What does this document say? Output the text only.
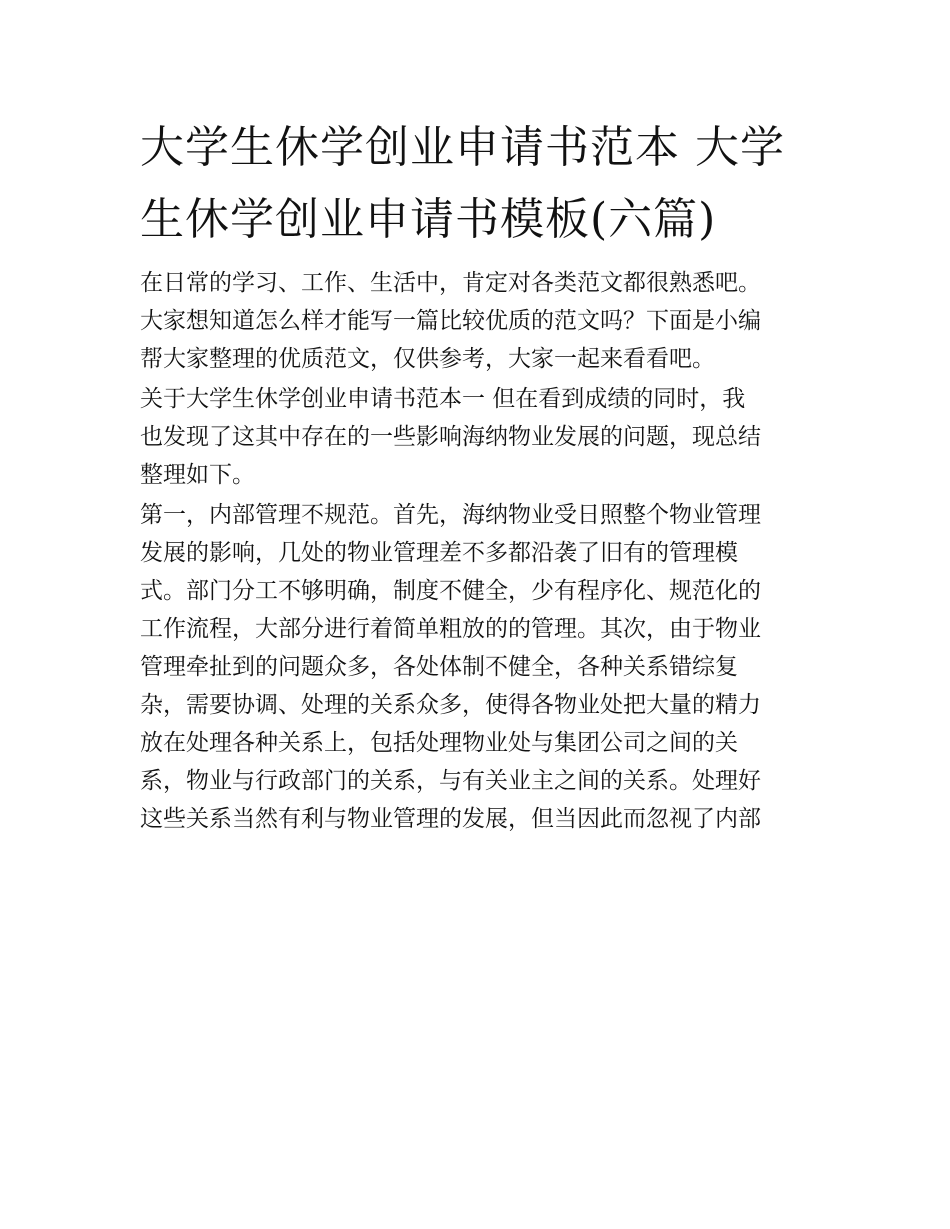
大学生休学创业申请书范本 大学生休学创业申请书模板(六篇)

在日常的学习、工作、生活中，肯定对各类范文都很熟悉吧。
大家想知道怎么样才能写一篇比较优质的范文吗？下面是小编
帮大家整理的优质范文，仅供参考，大家一起来看看吧。

关于大学生休学创业申请书范本一 但在看到成绩的同时，我
也发现了这其中存在的一些影响海纳物业发展的问题，现总结
整理如下。

第一，内部管理不规范。首先，海纳物业受日照整个物业管理
发展的影响，几处的物业管理差不多都沿袭了旧有的管理模
式。部门分工不够明确，制度不健全，少有程序化、规范化的
工作流程，大部分进行着简单粗放的的管理。其次，由于物业
管理牵扯到的问题众多，各处体制不健全，各种关系错综复
杂，需要协调、处理的关系众多，使得各物业处把大量的精力
放在处理各种关系上，包括处理物业处与集团公司之间的关
系，物业与行政部门的关系，与有关业主之间的关系。处理好
这些关系当然有利与物业管理的发展，但当因此而忽视了内部
